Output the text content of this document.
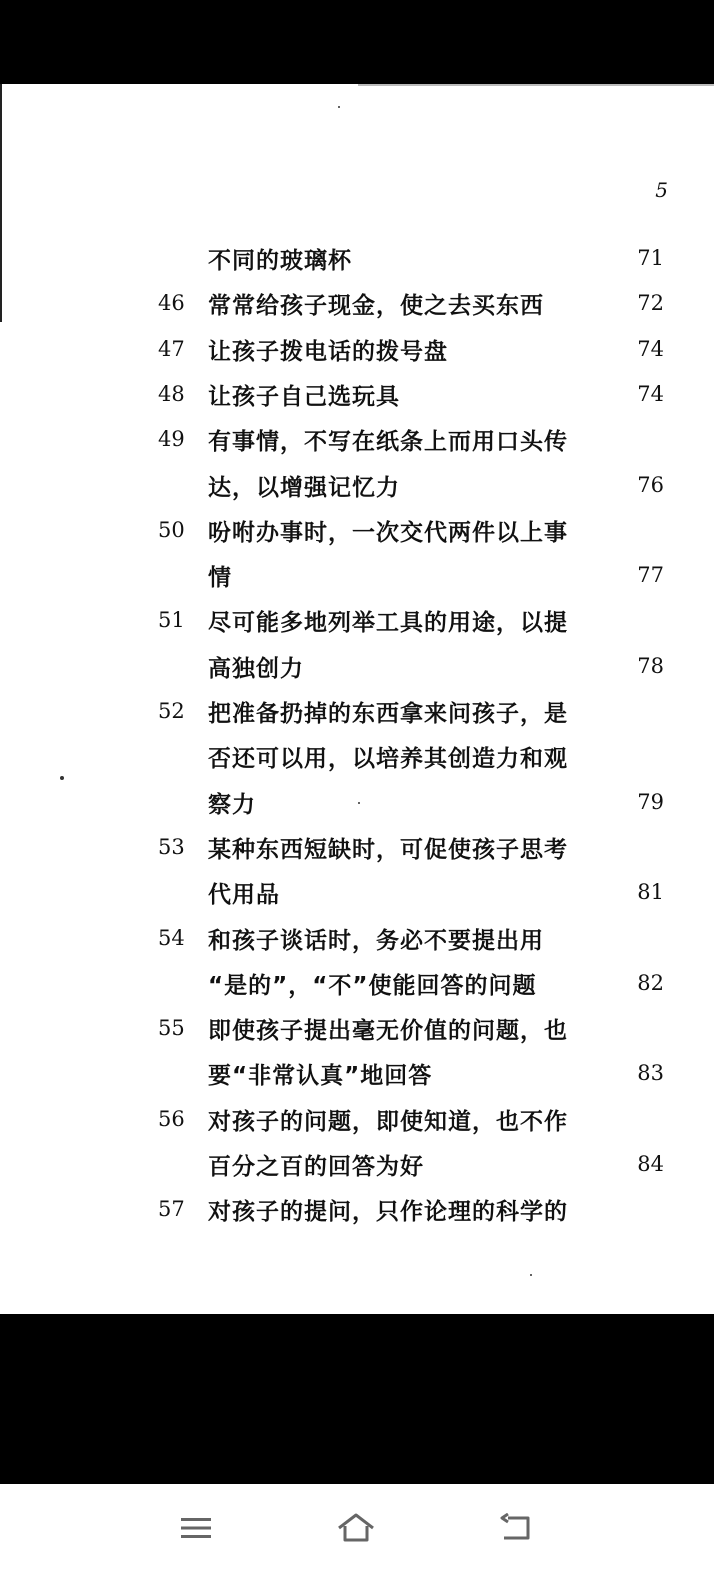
5
不同的玻璃杯	71
46 常常给孩子现金，使之去买东西	72
47 让孩子拨电话的拨号盘	74
48 让孩子自己选玩具	74
49 有事情，不写在纸条上而用口头传
达，以增强记忆力	76
50 吩咐办事时，一次交代两件以上事
情	77
51 尽可能多地列举工具的用途，以提
高独创力	78
52 把准备扔掉的东西拿来问孩子，是
否还可以用，以培养其创造力和观
察力	79
53 某种东西短缺时，可促使孩子思考
代用品	81
54 和孩子谈话时，务必不要提出用
“是的”，“不”使能回答的问题	82
55 即使孩子提出毫无价值的问题，也
要“非常认真”地回答	83
56 对孩子的问题，即使知道，也不作
百分之百的回答为好	84
57 对孩子的提问，只作论理的科学的
